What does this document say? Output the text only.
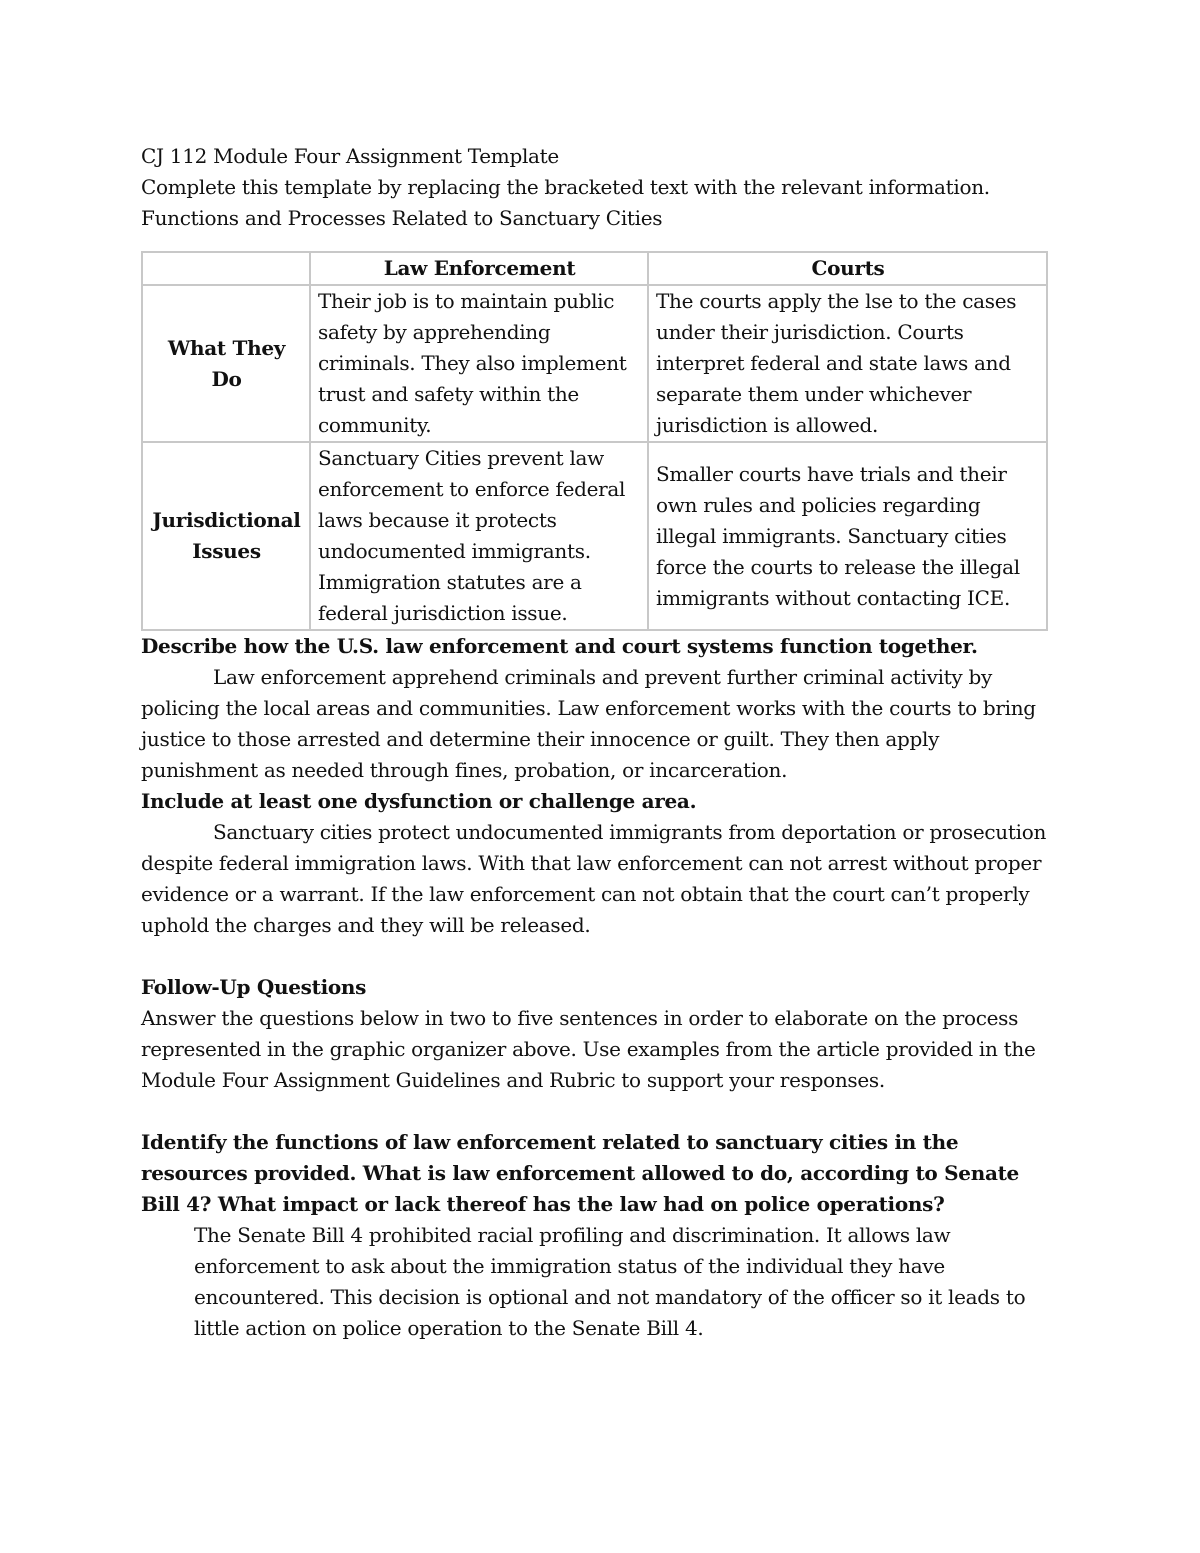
CJ 112 Module Four Assignment Template

Complete this template by replacing the bracketed text with the relevant information.

Functions and Processes Related to Sanctuary Cities

	Law Enforcement	Courts
What They Do	Their job is to maintain public safety by apprehending criminals. They also implement trust and safety within the community.	The courts apply the lse to the cases under their jurisdiction. Courts interpret federal and state laws and separate them under whichever jurisdiction is allowed.
Jurisdictional Issues	Sanctuary Cities prevent law enforcement to enforce federal laws because it protects undocumented immigrants. Immigration statutes are a federal jurisdiction issue.	Smaller courts have trials and their own rules and policies regarding illegal immigrants. Sanctuary cities force the courts to release the illegal immigrants without contacting ICE.

Describe how the U.S. law enforcement and court systems function together.

Law enforcement apprehend criminals and prevent further criminal activity by policing the local areas and communities. Law enforcement works with the courts to bring justice to those arrested and determine their innocence or guilt. They then apply punishment as needed through fines, probation, or incarceration.

Include at least one dysfunction or challenge area.

Sanctuary cities protect undocumented immigrants from deportation or prosecution despite federal immigration laws. With that law enforcement can not arrest without proper evidence or a warrant. If the law enforcement can not obtain that the court can’t properly uphold the charges and they will be released.

Follow-Up Questions

Answer the questions below in two to five sentences in order to elaborate on the process represented in the graphic organizer above. Use examples from the article provided in the Module Four Assignment Guidelines and Rubric to support your responses.

Identify the functions of law enforcement related to sanctuary cities in the resources provided. What is law enforcement allowed to do, according to Senate Bill 4? What impact or lack thereof has the law had on police operations?

The Senate Bill 4 prohibited racial profiling and discrimination. It allows law enforcement to ask about the immigration status of the individual they have encountered. This decision is optional and not mandatory of the officer so it leads to little action on police operation to the Senate Bill 4.
